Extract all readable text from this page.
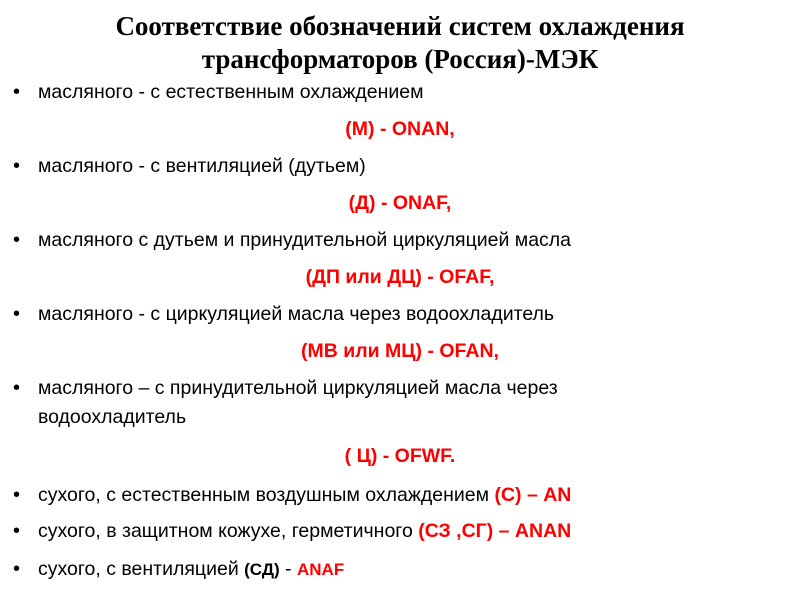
Соответствие обозначений систем охлаждения
трансформаторов (Россия)-МЭК
• масляного - с естественным охлаждением
(М) - ONAN,
• масляного - с вентиляцией (дутьем)
(Д) - ONAF,
• масляного с дутьем и принудительной циркуляцией масла
(ДП или ДЦ) - OFAF,
• масляного - с циркуляцией масла через водоохладитель
(МВ или МЦ) - OFAN,
• масляного – с принудительной циркуляцией масла через
водоохладитель
( Ц) - OFWF.
• сухого, с естественным воздушным охлаждением (С) – AN
• сухого, в защитном кожухе, герметичного (СЗ ,СГ) – ANAN
• сухого, с вентиляцией (СД) - ANAF
